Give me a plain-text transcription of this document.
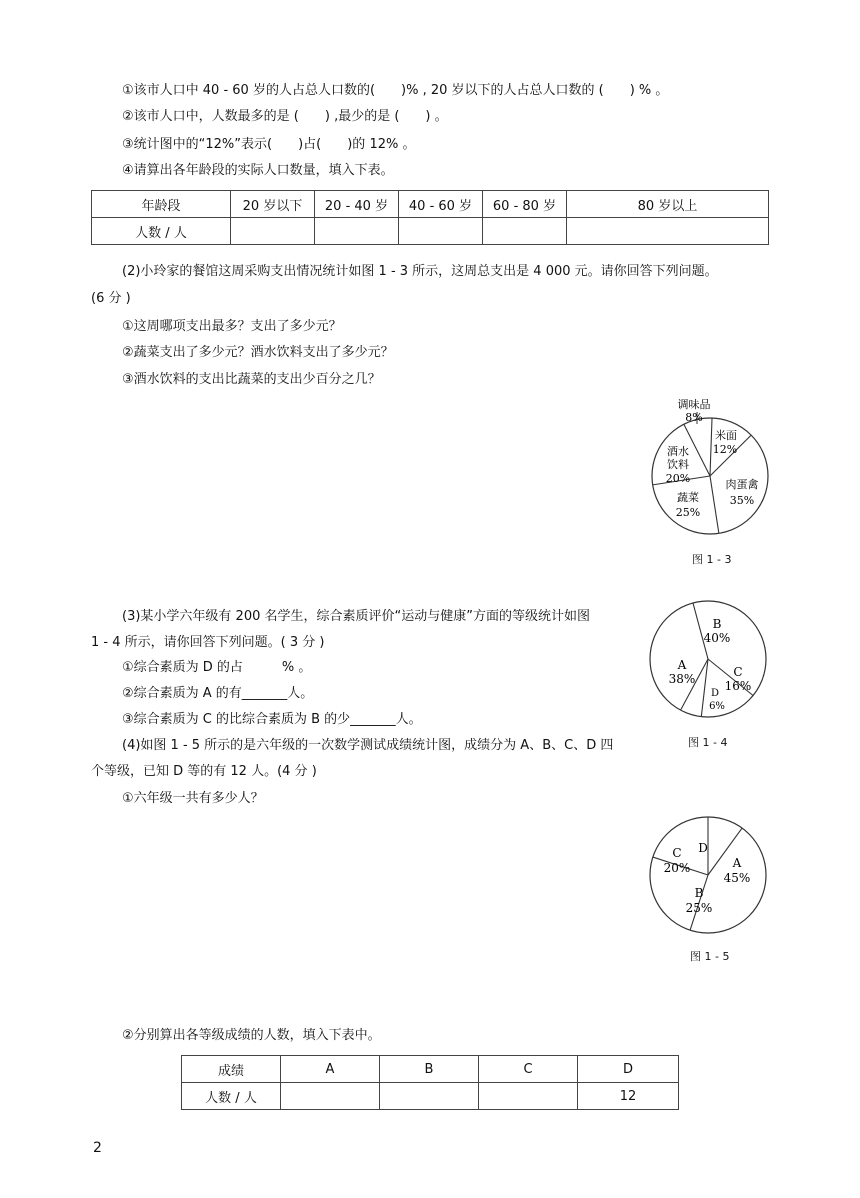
①该市人口中 40 - 60 岁的人占总人口数的(　　)% , 20 岁以下的人占总人口数的 (　　) % 。
②该市人口中，人数最多的是 (　　) ,最少的是 (　　) 。
③统计图中的“12%”表示(　　)占(　　)的 12% 。
④请算出各年龄段的实际人口数量，填入下表。
年龄段	20 岁以下	20 - 40 岁	40 - 60 岁	60 - 80 岁	80 岁以上
人数 / 人					
(2)小玲家的餐馆这周采购支出情况统计如图 1 - 3 所示，这周总支出是 4 000 元。请你回答下列问题。
(6 分 )
①这周哪项支出最多？支出了多少元？
②蔬菜支出了多少元？酒水饮料支出了多少元？
③酒水饮料的支出比蔬菜的支出少百分之几？
调味品
8%
米面
12%
肉蛋禽
35%
蔬菜
25%
酒水
饮料
20%
图 1 - 3
(3)某小学六年级有 200 名学生，综合素质评价“运动与健康”方面的等级统计如图
1 - 4 所示，请你回答下列问题。( 3 分 )
①综合素质为 D 的占　　　% 。
②综合素质为 A 的有_______人。
③综合素质为 C 的比综合素质为 B 的少_______人。
B
40%
C
16%
D
6%
A
38%
图 1 - 4
(4)如图 1 - 5 所示的是六年级的一次数学测试成绩统计图，成绩分为 A、B、C、D 四
个等级，已知 D 等的有 12 人。(4 分 )
①六年级一共有多少人？
D
A
45%
B
25%
C
20%
图 1 - 5
②分别算出各等级成绩的人数，填入下表中。
成绩	A	B	C	D
人数 / 人				12
2
